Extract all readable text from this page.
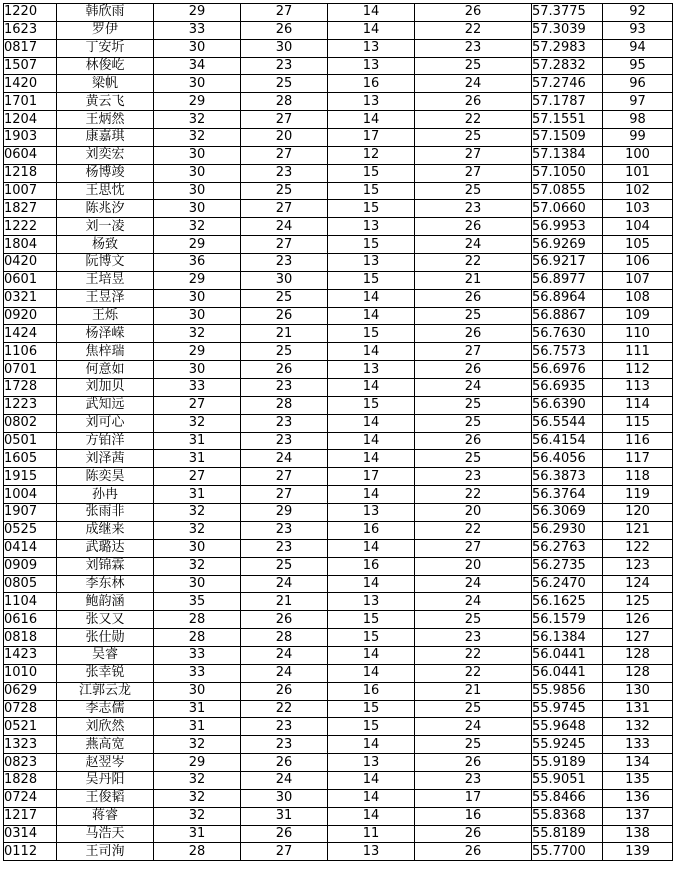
1220	韩欣雨	29	27	14	26	57.3775	92
1623	罗伊	33	26	14	22	57.3039	93
0817	丁安圻	30	30	13	23	57.2983	94
1507	林俊屹	34	23	13	25	57.2832	95
1420	梁帆	30	25	16	24	57.2746	96
1701	黄云飞	29	28	13	26	57.1787	97
1204	王炳然	32	27	14	22	57.1551	98
1903	康嘉琪	32	20	17	25	57.1509	99
0604	刘奕宏	30	27	12	27	57.1384	100
1218	杨博竣	30	23	15	27	57.1050	101
1007	王思忱	30	25	15	25	57.0855	102
1827	陈兆汐	30	27	15	23	57.0660	103
1222	刘一凌	32	24	13	26	56.9953	104
1804	杨致	29	27	15	24	56.9269	105
0420	阮博文	36	23	13	22	56.9217	106
0601	王培昱	29	30	15	21	56.8977	107
0321	王昱泽	30	25	14	26	56.8964	108
0920	王烁	30	26	14	25	56.8867	109
1424	杨泽嵘	32	21	15	26	56.7630	110
1106	焦梓瑞	29	25	14	27	56.7573	111
0701	何意如	30	26	13	26	56.6976	112
1728	刘加贝	33	23	14	24	56.6935	113
1223	武知远	27	28	15	25	56.6390	114
0802	刘可心	32	23	14	25	56.5544	115
0501	方铂洋	31	23	14	26	56.4154	116
1605	刘泽茜	31	24	14	25	56.4056	117
1915	陈奕昊	27	27	17	23	56.3873	118
1004	孙冉	31	27	14	22	56.3764	119
1907	张雨非	32	29	13	20	56.3069	120
0525	成继来	32	23	16	22	56.2930	121
0414	武璐达	30	23	14	27	56.2763	122
0909	刘锦霖	32	25	16	20	56.2735	123
0805	李东林	30	24	14	24	56.2470	124
1104	鲍韵涵	35	21	13	24	56.1625	125
0616	张又又	28	26	15	25	56.1579	126
0818	张仕勋	28	28	15	23	56.1384	127
1423	吴睿	33	24	14	22	56.0441	128
1010	张幸锐	33	24	14	22	56.0441	128
0629	江郭云龙	30	26	16	21	55.9856	130
0728	李志儒	31	22	15	25	55.9745	131
0521	刘欣然	31	23	15	24	55.9648	132
1323	燕高宽	32	23	14	25	55.9245	133
0823	赵翌岑	29	26	13	26	55.9189	134
1828	吴丹阳	32	24	14	23	55.9051	135
0724	王俊韬	32	30	14	17	55.8466	136
1217	蒋睿	32	31	14	16	55.8368	137
0314	马浩天	31	26	11	26	55.8189	138
0112	王司洵	28	27	13	26	55.7700	139
